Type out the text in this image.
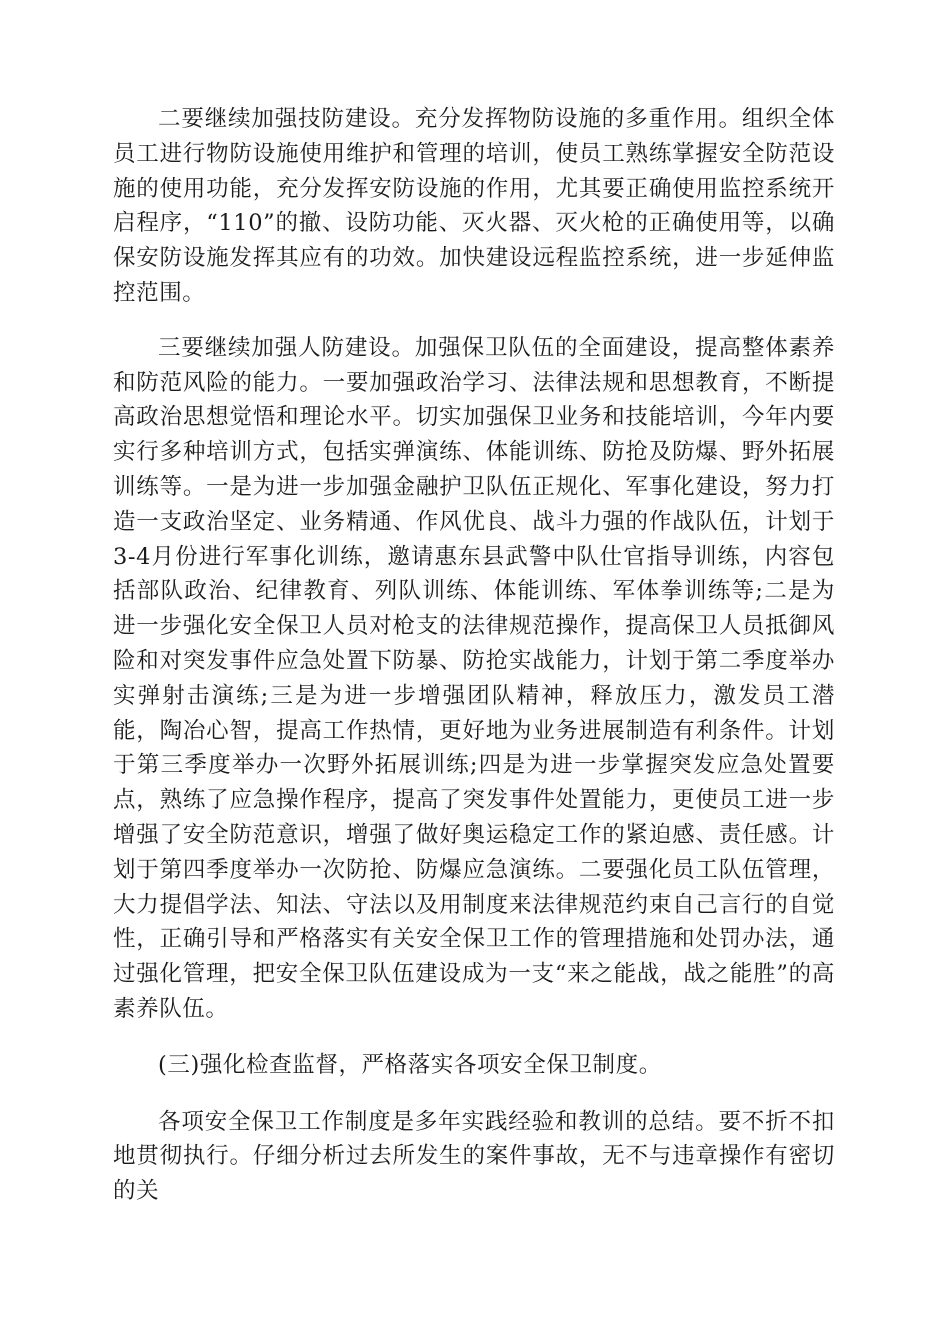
二要继续加强技防建设。充分发挥物防设施的多重作用。组织全体员工进行物防设施使用维护和管理的培训，使员工熟练掌握安全防范设施的使用功能，充分发挥安防设施的作用，尤其要正确使用监控系统开启程序，“110”的撤、设防功能、灭火器、灭火枪的正确使用等，以确保安防设施发挥其应有的功效。加快建设远程监控系统，进一步延伸监控范围。

三要继续加强人防建设。加强保卫队伍的全面建设，提高整体素养和防范风险的能力。一要加强政治学习、法律法规和思想教育，不断提高政治思想觉悟和理论水平。切实加强保卫业务和技能培训，今年内要实行多种培训方式，包括实弹演练、体能训练、防抢及防爆、野外拓展训练等。一是为进一步加强金融护卫队伍正规化、军事化建设，努力打造一支政治坚定、业务精通、作风优良、战斗力强的作战队伍，计划于3-4月份进行军事化训练，邀请惠东县武警中队仕官指导训练，内容包括部队政治、纪律教育、列队训练、体能训练、军体拳训练等;二是为进一步强化安全保卫人员对枪支的法律规范操作，提高保卫人员抵御风险和对突发事件应急处置下防暴、防抢实战能力，计划于第二季度举办实弹射击演练;三是为进一步增强团队精神，释放压力，激发员工潜能，陶冶心智，提高工作热情，更好地为业务进展制造有利条件。计划于第三季度举办一次野外拓展训练;四是为进一步掌握突发应急处置要点，熟练了应急操作程序，提高了突发事件处置能力，更使员工进一步增强了安全防范意识，增强了做好奥运稳定工作的紧迫感、责任感。计划于第四季度举办一次防抢、防爆应急演练。二要强化员工队伍管理，大力提倡学法、知法、守法以及用制度来法律规范约束自己言行的自觉性，正确引导和严格落实有关安全保卫工作的管理措施和处罚办法，通过强化管理，把安全保卫队伍建设成为一支“来之能战，战之能胜”的高素养队伍。

(三)强化检查监督，严格落实各项安全保卫制度。

各项安全保卫工作制度是多年实践经验和教训的总结。要不折不扣地贯彻执行。仔细分析过去所发生的案件事故，无不与违章操作有密切的关
